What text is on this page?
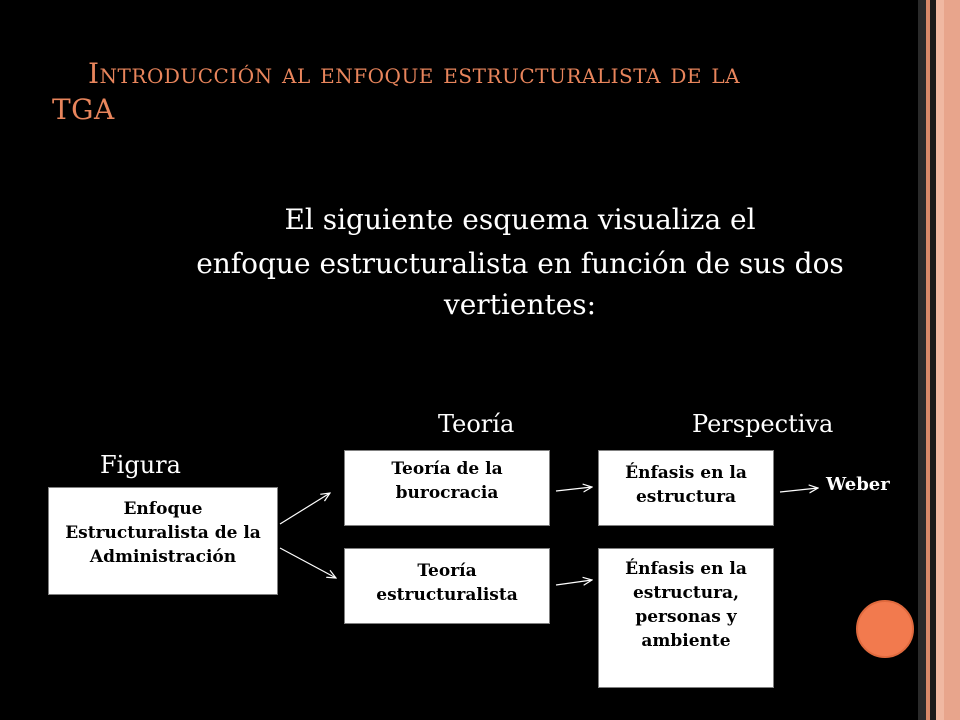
Introducción al enfoque estructuralista de la
TGA
El siguiente esquema visualiza el
enfoque estructuralista en función de sus dos
vertientes:
Teoría	Perspectiva
Figura
Enfoque Estructuralista de la Administración
Teoría de la burocracia
Teoría estructuralista
Énfasis en la estructura
Énfasis en la estructura, personas y ambiente
Weber
